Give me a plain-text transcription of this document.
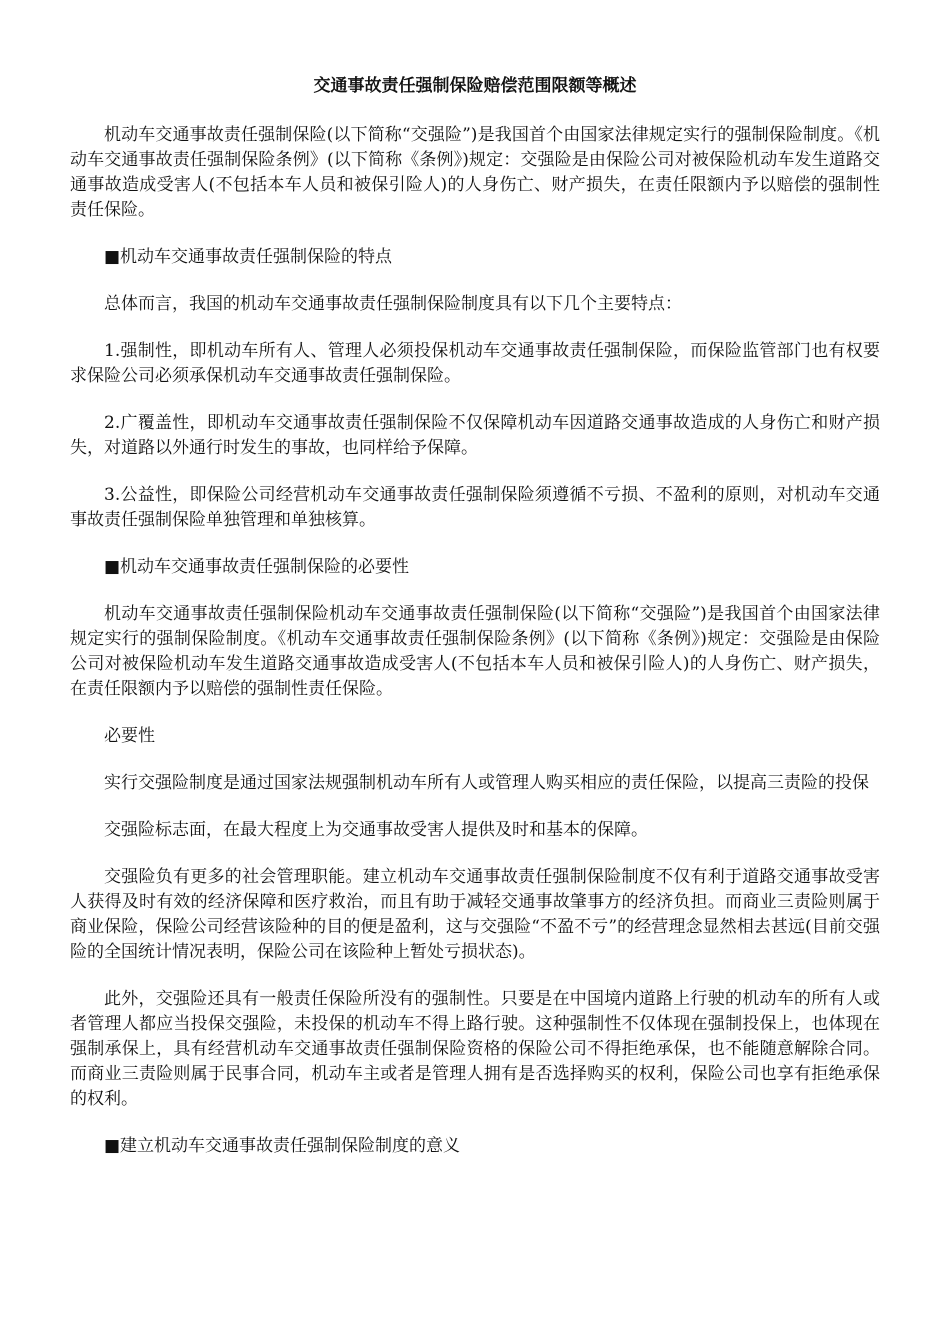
交通事故责任强制保险赔偿范围限额等概述

机动车交通事故责任强制保险(以下简称“交强险”)是我国首个由国家法律规定实行的强制保险制度。《机动车交通事故责任强制保险条例》(以下简称《条例》)规定：交强险是由保险公司对被保险机动车发生道路交通事故造成受害人(不包括本车人员和被保引险人)的人身伤亡、财产损失，在责任限额内予以赔偿的强制性责任保险。

■机动车交通事故责任强制保险的特点

总体而言，我国的机动车交通事故责任强制保险制度具有以下几个主要特点：

1.强制性，即机动车所有人、管理人必须投保机动车交通事故责任强制保险，而保险监管部门也有权要求保险公司必须承保机动车交通事故责任强制保险。

2.广覆盖性，即机动车交通事故责任强制保险不仅保障机动车因道路交通事故造成的人身伤亡和财产损失，对道路以外通行时发生的事故，也同样给予保障。

3.公益性，即保险公司经营机动车交通事故责任强制保险须遵循不亏损、不盈利的原则，对机动车交通事故责任强制保险单独管理和单独核算。

■机动车交通事故责任强制保险的必要性

机动车交通事故责任强制保险机动车交通事故责任强制保险(以下简称“交强险”)是我国首个由国家法律规定实行的强制保险制度。《机动车交通事故责任强制保险条例》(以下简称《条例》)规定：交强险是由保险公司对被保险机动车发生道路交通事故造成受害人(不包括本车人员和被保引险人)的人身伤亡、财产损失，在责任限额内予以赔偿的强制性责任保险。

必要性

实行交强险制度是通过国家法规强制机动车所有人或管理人购买相应的责任保险，以提高三责险的投保

交强险标志面，在最大程度上为交通事故受害人提供及时和基本的保障。

交强险负有更多的社会管理职能。建立机动车交通事故责任强制保险制度不仅有利于道路交通事故受害人获得及时有效的经济保障和医疗救治，而且有助于减轻交通事故肇事方的经济负担。而商业三责险则属于商业保险，保险公司经营该险种的目的便是盈利，这与交强险“不盈不亏”的经营理念显然相去甚远(目前交强险的全国统计情况表明，保险公司在该险种上暂处亏损状态)。

此外，交强险还具有一般责任保险所没有的强制性。只要是在中国境内道路上行驶的机动车的所有人或者管理人都应当投保交强险，未投保的机动车不得上路行驶。这种强制性不仅体现在强制投保上，也体现在强制承保上，具有经营机动车交通事故责任强制保险资格的保险公司不得拒绝承保，也不能随意解除合同。而商业三责险则属于民事合同，机动车主或者是管理人拥有是否选择购买的权利，保险公司也享有拒绝承保的权利。

■建立机动车交通事故责任强制保险制度的意义
